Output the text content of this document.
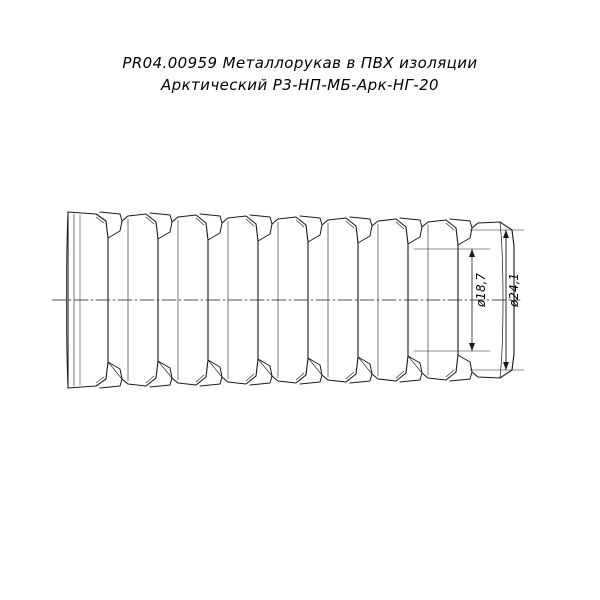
PR04.00959 Металлорукав в ПВХ изоляции
Арктический Р3-НП-МБ-Арк-НГ-20
ø18,7 ø24,1
